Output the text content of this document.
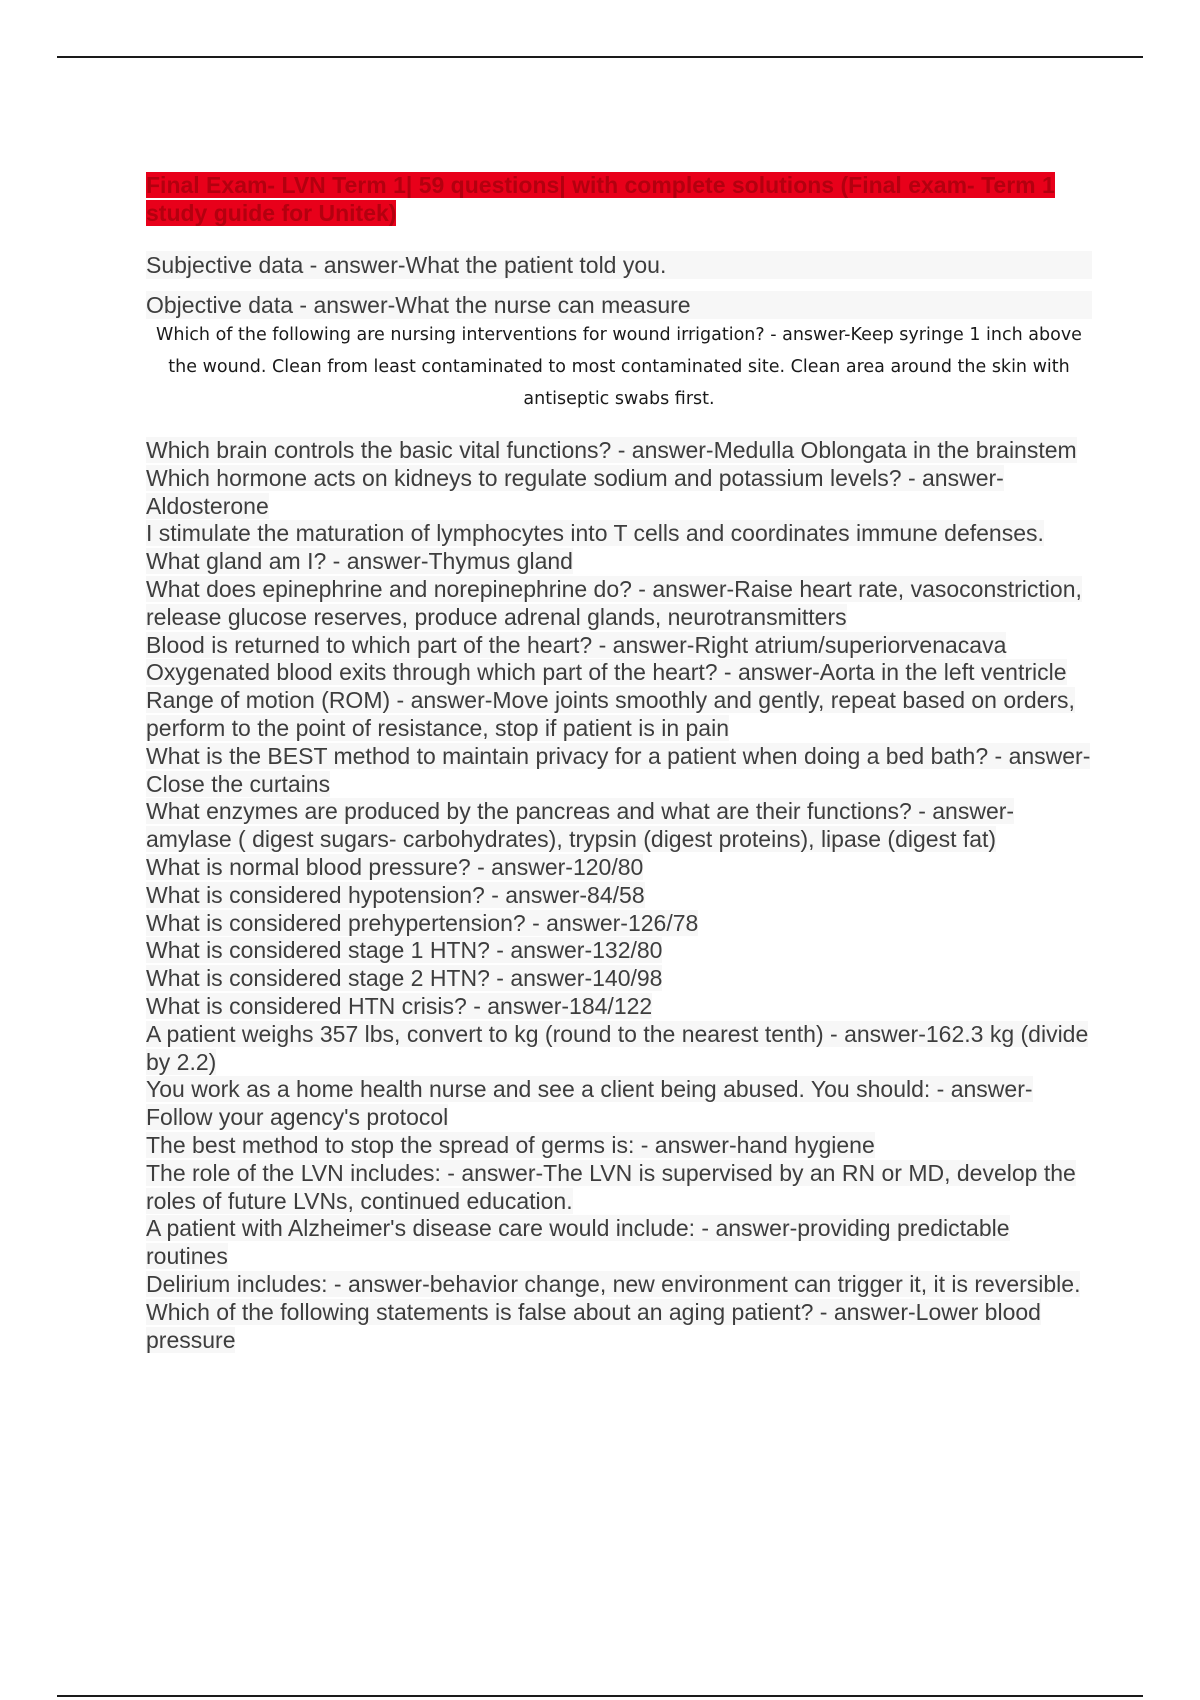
Final Exam- LVN Term 1| 59 questions| with complete solutions (Final exam- Term 1 study guide for Unitek)

Subjective data - answer-What the patient told you.

Objective data - answer-What the nurse can measure

Which of the following are nursing interventions for wound irrigation? - answer-Keep syringe 1 inch above the wound. Clean from least contaminated to most contaminated site. Clean area around the skin with antiseptic swabs first.

Which brain controls the basic vital functions? - answer-Medulla Oblongata in the brainstem

Which hormone acts on kidneys to regulate sodium and potassium levels? - answer-Aldosterone

I stimulate the maturation of lymphocytes into T cells and coordinates immune defenses. What gland am I? - answer-Thymus gland

What does epinephrine and norepinephrine do? - answer-Raise heart rate, vasoconstriction, release glucose reserves, produce adrenal glands, neurotransmitters

Blood is returned to which part of the heart? - answer-Right atrium/superiorvenacava

Oxygenated blood exits through which part of the heart? - answer-Aorta in the left ventricle

Range of motion (ROM) - answer-Move joints smoothly and gently, repeat based on orders, perform to the point of resistance, stop if patient is in pain

What is the BEST method to maintain privacy for a patient when doing a bed bath? - answer-Close the curtains

What enzymes are produced by the pancreas and what are their functions? - answer-amylase ( digest sugars- carbohydrates), trypsin (digest proteins), lipase (digest fat)

What is normal blood pressure? - answer-120/80

What is considered hypotension? - answer-84/58

What is considered prehypertension? - answer-126/78

What is considered stage 1 HTN? - answer-132/80

What is considered stage 2 HTN? - answer-140/98

What is considered HTN crisis? - answer-184/122

A patient weighs 357 lbs, convert to kg (round to the nearest tenth) - answer-162.3 kg (divide by 2.2)

You work as a home health nurse and see a client being abused. You should: - answer-Follow your agency's protocol

The best method to stop the spread of germs is: - answer-hand hygiene

The role of the LVN includes: - answer-The LVN is supervised by an RN or MD, develop the roles of future LVNs, continued education.

A patient with Alzheimer's disease care would include: - answer-providing predictable routines

Delirium includes: - answer-behavior change, new environment can trigger it, it is reversible.

Which of the following statements is false about an aging patient? - answer-Lower blood pressure
